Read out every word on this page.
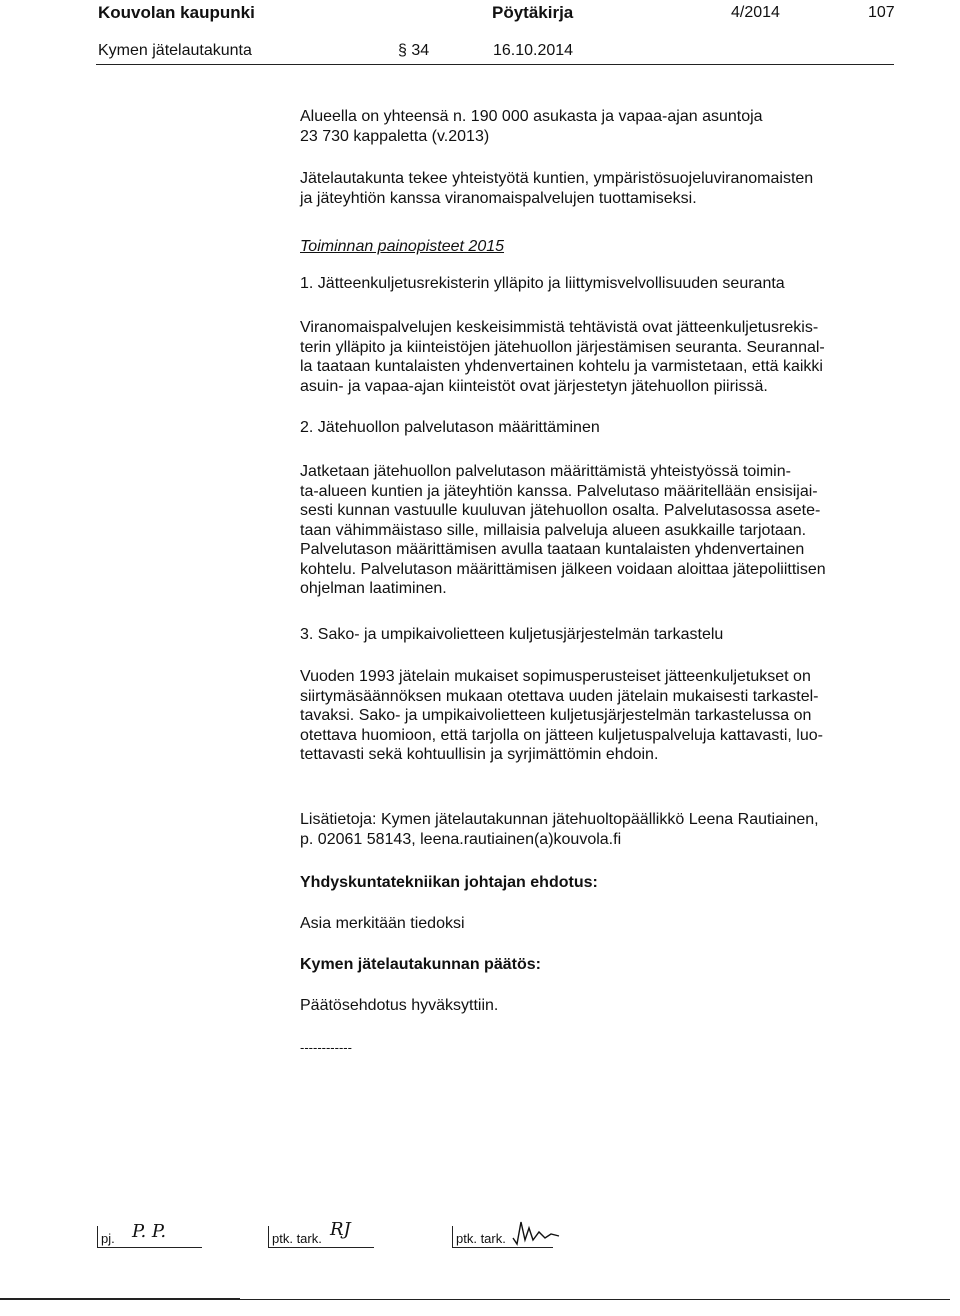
Kouvolan kaupunki	Pöytäkirja	4/2014	107
Kymen jätelautakunta	§ 34	16.10.2014
Alueella on yhteensä n. 190 000 asukasta ja vapaa-ajan asuntoja
23 730 kappaletta (v.2013)
Jätelautakunta tekee yhteistyötä kuntien, ympäristösuojeluviranomaisten
ja jäteyhtiön kanssa viranomaispalvelujen tuottamiseksi.
Toiminnan painopisteet 2015
1. Jätteenkuljetusrekisterin ylläpito ja liittymisvelvollisuuden seuranta
Viranomaispalvelujen keskeisimmistä tehtävistä ovat jätteenkuljetusrekis-
terin ylläpito ja kiinteistöjen jätehuollon järjestämisen seuranta. Seurannal-
la taataan kuntalaisten yhdenvertainen kohtelu ja varmistetaan, että kaikki
asuin- ja vapaa-ajan kiinteistöt ovat järjestetyn jätehuollon piirissä.
2. Jätehuollon palvelutason määrittäminen
Jatketaan jätehuollon palvelutason määrittämistä yhteistyössä toimin-
ta-alueen kuntien ja jäteyhtiön kanssa. Palvelutaso määritellään ensisijai-
sesti kunnan vastuulle kuuluvan jätehuollon osalta. Palvelutasossa asete-
taan vähimmäistaso sille, millaisia palveluja alueen asukkaille tarjotaan.
Palvelutason määrittämisen avulla taataan kuntalaisten yhdenvertainen
kohtelu. Palvelutason määrittämisen jälkeen voidaan aloittaa jätepoliittisen
ohjelman laatiminen.
3. Sako- ja umpikaivolietteen kuljetusjärjestelmän tarkastelu
Vuoden 1993 jätelain mukaiset sopimusperusteiset jätteenkuljetukset on
siirtymäsäännöksen mukaan otettava uuden jätelain mukaisesti tarkastel-
tavaksi. Sako- ja umpikaivolietteen kuljetusjärjestelmän tarkastelussa on
otettava huomioon, että tarjolla on jätteen kuljetuspalveluja kattavasti, luo-
tettavasti sekä kohtuullisin ja syrjimättömin ehdoin.
Lisätietoja: Kymen jätelautakunnan jätehuoltopäällikkö Leena Rautiainen,
p. 02061 58143, leena.rautiainen(a)kouvola.fi
Yhdyskuntatekniikan johtajan ehdotus:
Asia merkitään tiedoksi
Kymen jätelautakunnan päätös:
Päätösehdotus hyväksyttiin.
------------
pj. P. P.	ptk. tark. RJ	ptk. tark.
